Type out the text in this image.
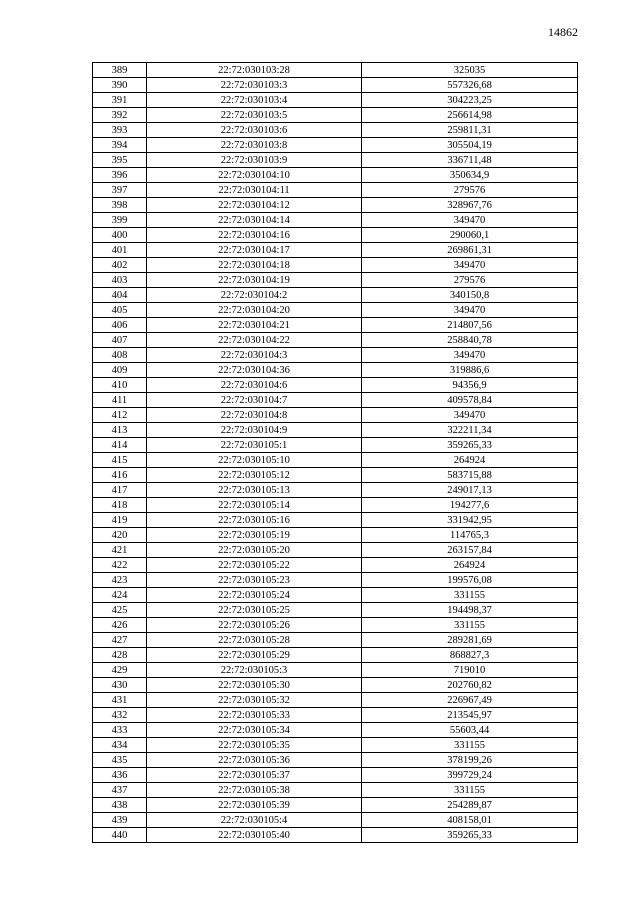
14862
389	22:72:030103:28	325035
390	22:72:030103:3	557326,68
391	22:72:030103:4	304223,25
392	22:72:030103:5	256614,98
393	22:72:030103:6	259811,31
394	22:72:030103:8	305504,19
395	22:72:030103:9	336711,48
396	22:72:030104:10	350634,9
397	22:72:030104:11	279576
398	22:72:030104:12	328967,76
399	22:72:030104:14	349470
400	22:72:030104:16	290060,1
401	22:72:030104:17	269861,31
402	22:72:030104:18	349470
403	22:72:030104:19	279576
404	22:72:030104:2	340150,8
405	22:72:030104:20	349470
406	22:72:030104:21	214807,56
407	22:72:030104:22	258840,78
408	22:72:030104:3	349470
409	22:72:030104:36	319886,6
410	22:72:030104:6	94356,9
411	22:72:030104:7	409578,84
412	22:72:030104:8	349470
413	22:72:030104:9	322211,34
414	22:72:030105:1	359265,33
415	22:72:030105:10	264924
416	22:72:030105:12	583715,88
417	22:72:030105:13	249017,13
418	22:72:030105:14	194277,6
419	22:72:030105:16	331942,95
420	22:72:030105:19	114765,3
421	22:72:030105:20	263157,84
422	22:72:030105:22	264924
423	22:72:030105:23	199576,08
424	22:72:030105:24	331155
425	22:72:030105:25	194498,37
426	22:72:030105:26	331155
427	22:72:030105:28	289281,69
428	22:72:030105:29	868827,3
429	22:72:030105:3	719010
430	22:72:030105:30	202760,82
431	22:72:030105:32	226967,49
432	22:72:030105:33	213545,97
433	22:72:030105:34	55603,44
434	22:72:030105:35	331155
435	22:72:030105:36	378199,26
436	22:72:030105:37	399729,24
437	22:72:030105:38	331155
438	22:72:030105:39	254289,87
439	22:72:030105:4	408158,01
440	22:72:030105:40	359265,33
